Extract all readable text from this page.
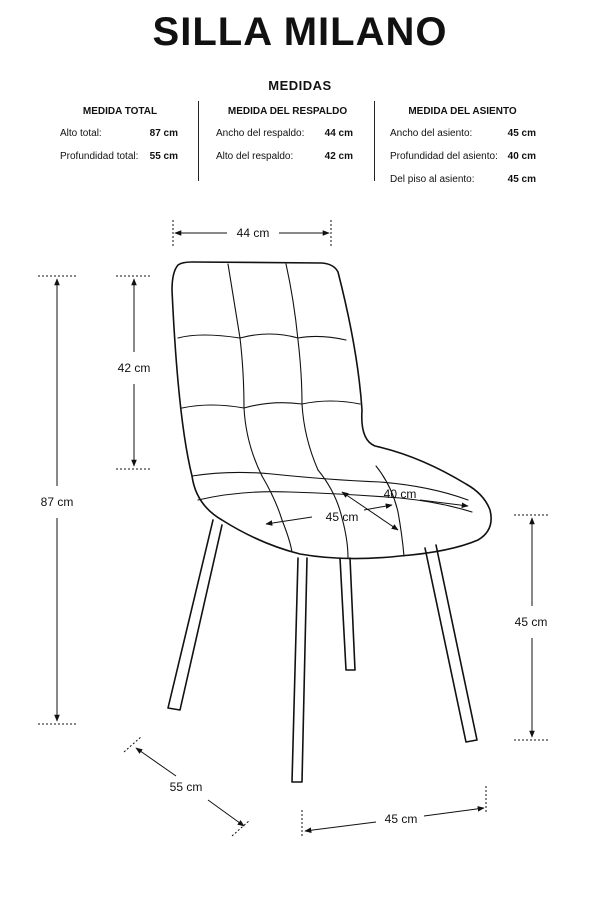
SILLA MILANO
MEDIDAS
MEDIDA TOTAL
Alto total:	87 cm
Profundidad total:	55 cm
MEDIDA DEL RESPALDO
Ancho del respaldo:	44 cm
Alto del respaldo:	42 cm
MEDIDA DEL ASIENTO
Ancho del asiento:	45 cm
Profundidad del asiento: 40 cm
Del piso al asiento:	45 cm
44 cm
87 cm
42 cm
45 cm
40 cm
45 cm
55 cm
45 cm
